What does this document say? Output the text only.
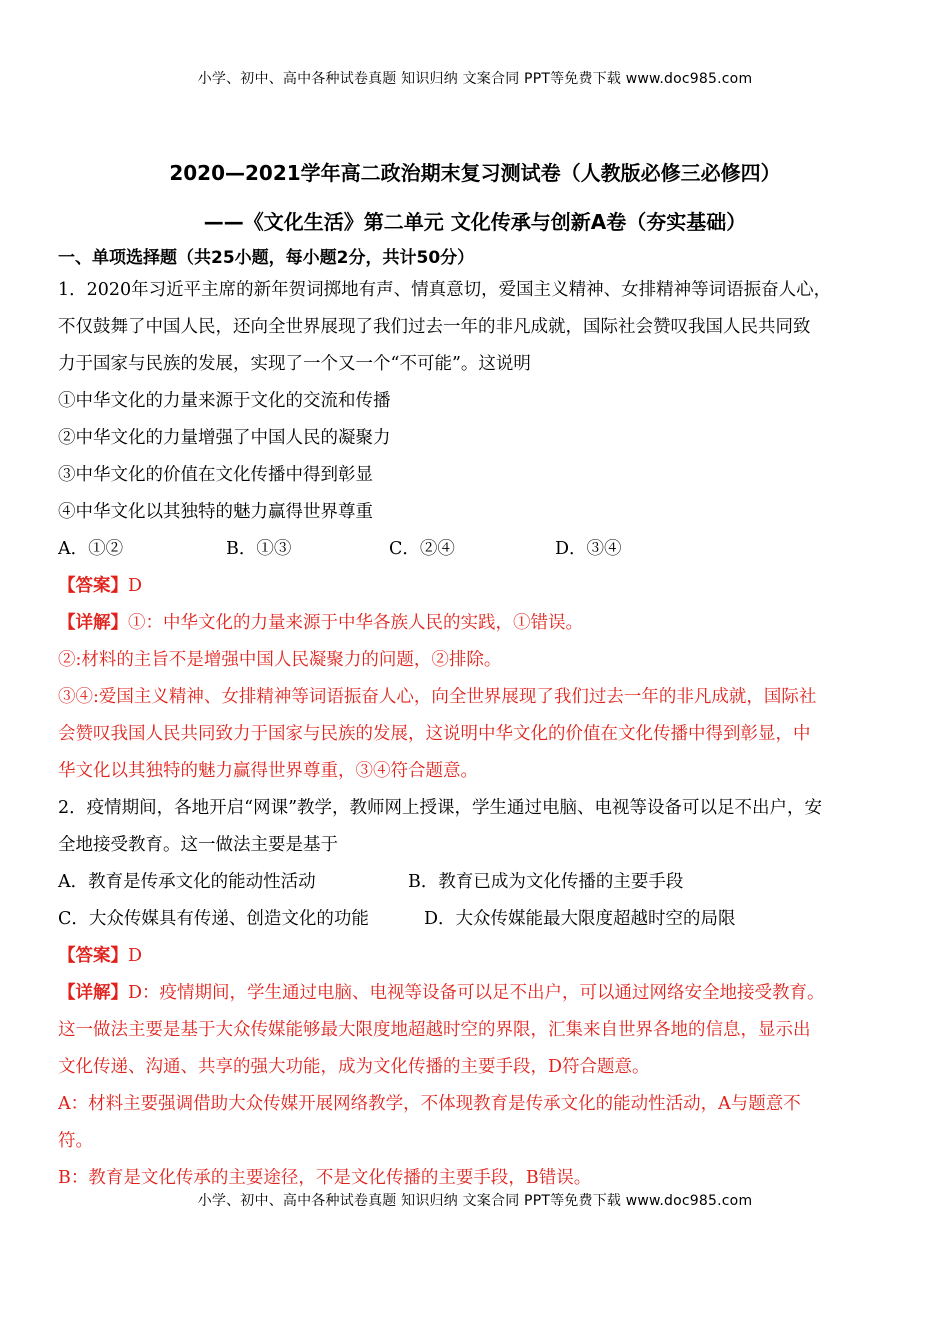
小学、初中、高中各种试卷真题 知识归纳 文案合同 PPT等免费下载 www.doc985.com
2020—2021学年高二政治期末复习测试卷（人教版必修三必修四）
——《文化生活》第二单元 文化传承与创新A卷（夯实基础）
一、单项选择题（共25小题，每小题2分，共计50分）
1．2020年习近平主席的新年贺词掷地有声、情真意切，爱国主义精神、女排精神等词语振奋人心，
不仅鼓舞了中国人民，还向全世界展现了我们过去一年的非凡成就，国际社会赞叹我国人民共同致
力于国家与民族的发展，实现了一个又一个“不可能”。这说明
①中华文化的力量来源于文化的交流和传播
②中华文化的力量增强了中国人民的凝聚力
③中华文化的价值在文化传播中得到彰显
④中华文化以其独特的魅力赢得世界尊重
A．①②	B．①③	C．②④	D．③④
【答案】D
【详解】①：中华文化的力量来源于中华各族人民的实践，①错误。
②:材料的主旨不是增强中国人民凝聚力的问题，②排除。
③④:爱国主义精神、女排精神等词语振奋人心，向全世界展现了我们过去一年的非凡成就，国际社
会赞叹我国人民共同致力于国家与民族的发展，这说明中华文化的价值在文化传播中得到彰显，中
华文化以其独特的魅力赢得世界尊重，③④符合题意。
2．疫情期间，各地开启“网课”教学，教师网上授课，学生通过电脑、电视等设备可以足不出户，安
全地接受教育。这一做法主要是基于
A．教育是传承文化的能动性活动	B．教育已成为文化传播的主要手段
C．大众传媒具有传递、创造文化的功能	D．大众传媒能最大限度超越时空的局限
【答案】D
【详解】D：疫情期间，学生通过电脑、电视等设备可以足不出户，可以通过网络安全地接受教育。
这一做法主要是基于大众传媒能够最大限度地超越时空的界限，汇集来自世界各地的信息，显示出
文化传递、沟通、共享的强大功能，成为文化传播的主要手段，D符合题意。
A：材料主要强调借助大众传媒开展网络教学，不体现教育是传承文化的能动性活动，A与题意不
符。
B：教育是文化传承的主要途径，不是文化传播的主要手段，B错误。
小学、初中、高中各种试卷真题 知识归纳 文案合同 PPT等免费下载 www.doc985.com
